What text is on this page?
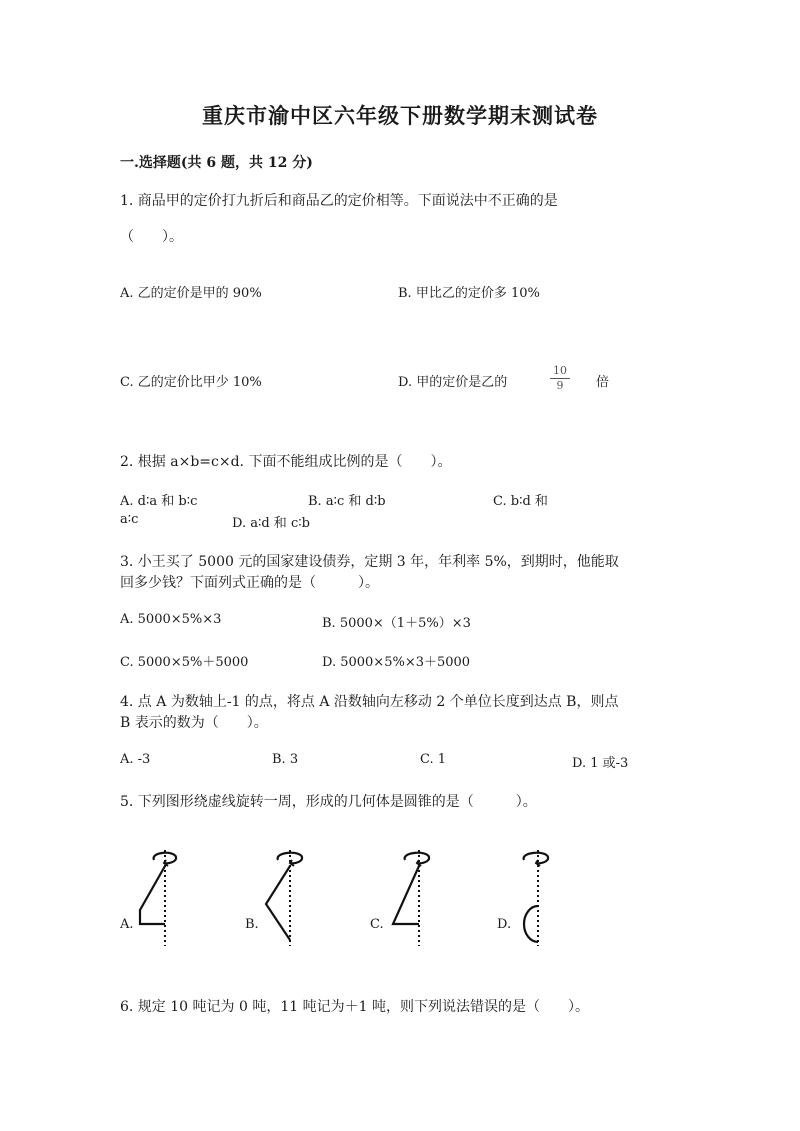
重庆市渝中区六年级下册数学期末测试卷
一.选择题(共 6 题，共 12 分)
1. 商品甲的定价打九折后和商品乙的定价相等。下面说法中不正确的是
（　　）。
A. 乙的定价是甲的 90%	B. 甲比乙的定价多 10%
C. 乙的定价比甲少 10%	D. 甲的定价是乙的	$\frac{10}{9}$ 倍
2. 根据 a×b=c×d. 下面不能组成比例的是（　　）。
A. d∶a 和 b∶c	B. a∶c 和 d∶b	C. b∶d 和
a∶c	D. a∶d 和 c∶b
3. 小王买了 5000 元的国家建设债券，定期 3 年，年利率 5%，到期时，他能取
回多少钱？下面列式正确的是（　　　）。
A. 5000×5%×3	B. 5000×（1＋5%）×3
C. 5000×5%＋5000	D. 5000×5%×3＋5000
4. 点 A 为数轴上-1 的点，将点 A 沿数轴向左移动 2 个单位长度到达点 B，则点
B 表示的数为（　　）。
A. -3	B. 3	C. 1	D. 1 或-3
5. 下列图形绕虚线旋转一周，形成的几何体是圆锥的是（　　　）。
A.	B.	C.	D.
6. 规定 10 吨记为 0 吨，11 吨记为＋1 吨，则下列说法错误的是（　　）。
